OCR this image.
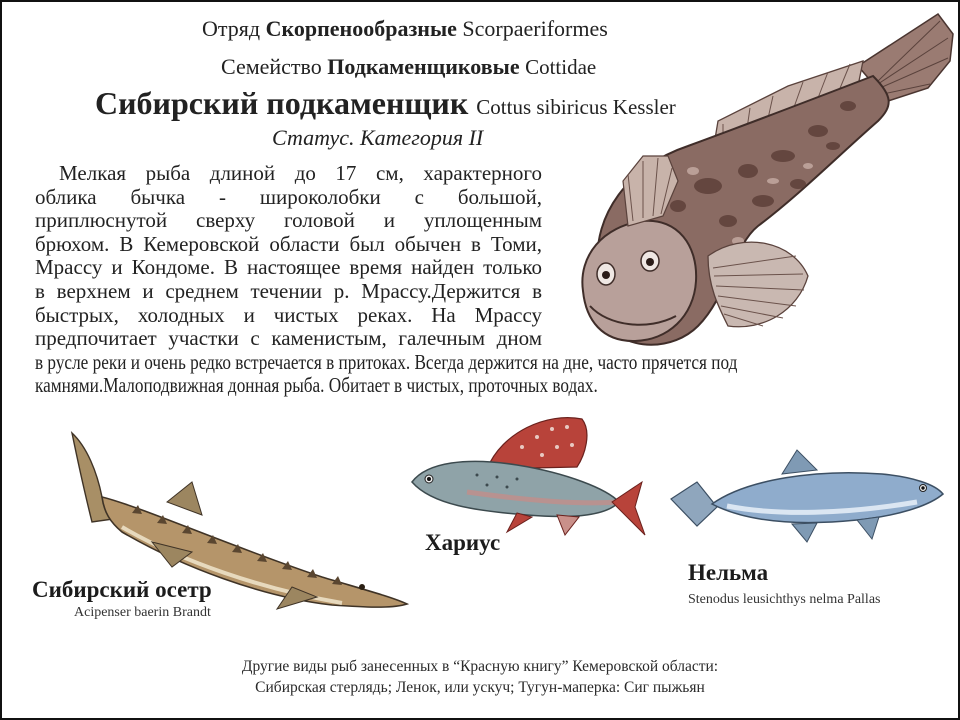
Отряд Скорпенообразные Scorpaeriformes
Семейство Подкаменщиковые Cottidae
Сибирский подкаменщик Cottus sibiricus Kessler
Статус. Категория II
Мелкая рыба длиной до 17 см, характерного
облика бычка - широколобки с большой,
приплюснутой сверху головой и уплощенным
брюхом. В Кемеровской области был обычен в Томи,
Мрассу и Кондоме. В настоящее время найден только
в верхнем и среднем течении р. Мрассу.Держится в
быстрых, холодных и чистых реках. На Мрассу
предпочитает участки с каменистым, галечным дном
в русле реки и очень редко встречается в притоках. Всегда держится на дне, часто прячется под
камнями.Малоподвижная донная рыба. Обитает в чистых, проточных водах.
Сибирский осетр
Acipenser baerin Brandt
Хариус
Нельма
Stenodus leusichthys nelma Pallas
Другие виды рыб занесенных в “Красную книгу” Кемеровской области:
Сибирская стерлядь; Ленок, или ускуч; Тугун-маперка: Сиг пыжьян
